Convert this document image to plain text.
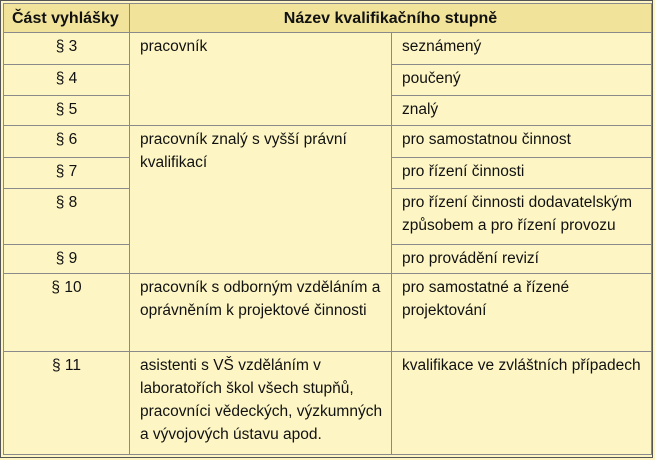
Část vyhlášky	Název kvalifikačního stupně	
§ 3	pracovník	seznámený
§ 4		poučený
§ 5		znalý
§ 6	pracovník znalý s vyšší právní kvalifikací	pro samostatnou činnost
§ 7		pro řízení činnosti
§ 8		pro řízení činnosti dodavatelským způsobem a pro řízení provozu
§ 9		pro provádění revizí
§ 10	pracovník s odborným vzděláním a oprávněním k projektové činnosti	pro samostatné a řízené projektování
§ 11	asistenti s VŠ vzděláním v laboratořích škol všech stupňů, pracovníci vědeckých, výzkumných a vývojových ústavu apod.	kvalifikace ve zvláštních případech
